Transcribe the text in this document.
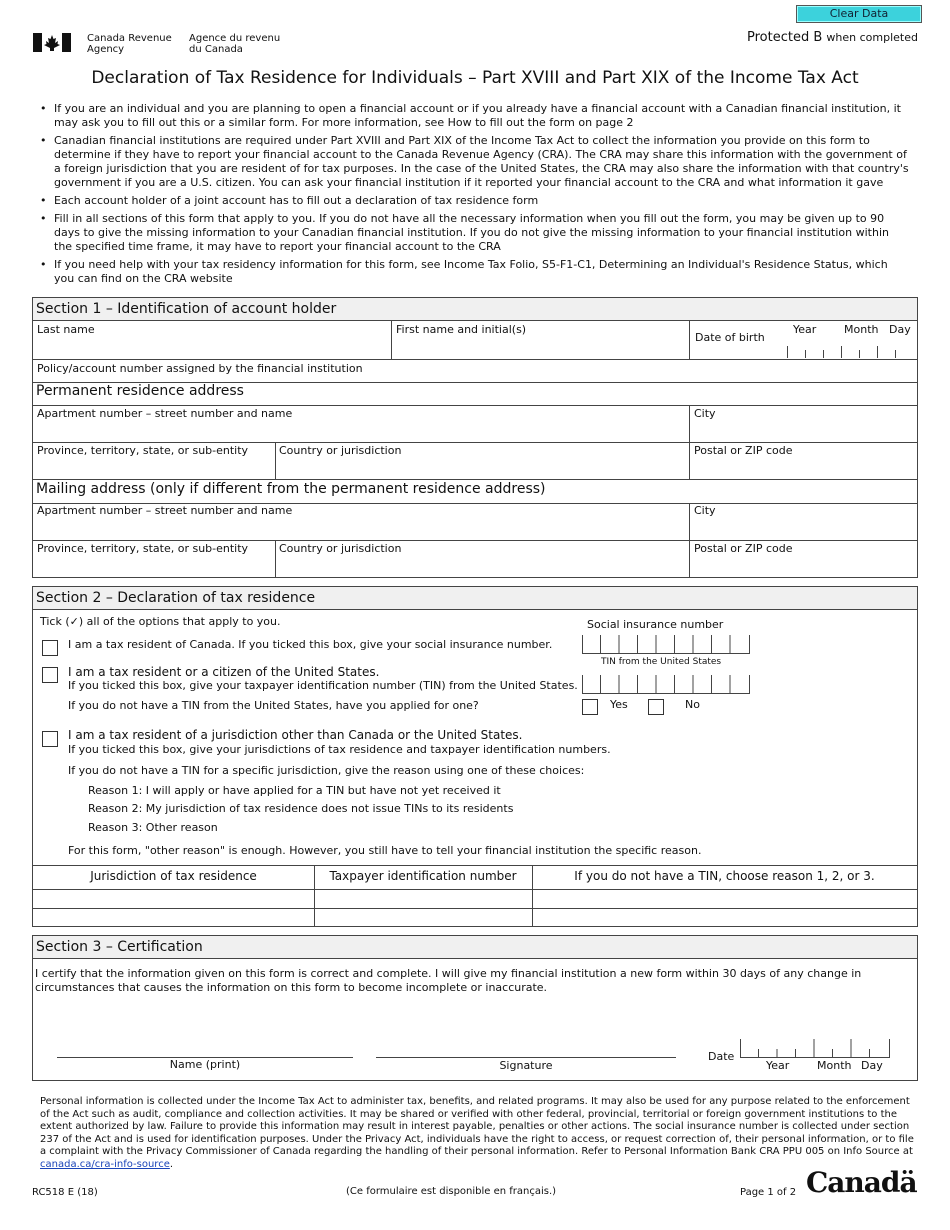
Clear Data
Canada Revenue
Agency
Agence du revenu
du Canada
Protected B when completed
Declaration of Tax Residence for Individuals – Part XVIII and Part XIX of the Income Tax Act
• If you are an individual and you are planning to open a financial account or if you already have a financial account with a Canadian financial institution, it may ask you to fill out this or a similar form. For more information, see How to fill out the form on page 2
• Canadian financial institutions are required under Part XVIII and Part XIX of the Income Tax Act to collect the information you provide on this form to determine if they have to report your financial account to the Canada Revenue Agency (CRA). The CRA may share this information with the government of a foreign jurisdiction that you are resident of for tax purposes. In the case of the United States, the CRA may also share the information with that country's government if you are a U.S. citizen. You can ask your financial institution if it reported your financial account to the CRA and what information it gave
• Each account holder of a joint account has to fill out a declaration of tax residence form
• Fill in all sections of this form that apply to you. If you do not have all the necessary information when you fill out the form, you may be given up to 90 days to give the missing information to your Canadian financial institution. If you do not give the missing information to your financial institution within the specified time frame, it may have to report your financial account to the CRA
• If you need help with your tax residency information for this form, see Income Tax Folio, S5-F1-C1, Determining an Individual's Residence Status, which you can find on the CRA website
Section 1 – Identification of account holder
Last name	First name and initial(s)
Date of birth
Year	Month Day
Policy/account number assigned by the financial institution
Permanent residence address
Apartment number – street number and name	City
Province, territory, state, or sub-entity	Country or jurisdiction	Postal or ZIP code
Mailing address (only if different from the permanent residence address)
Apartment number – street number and name	City
Province, territory, state, or sub-entity	Country or jurisdiction	Postal or ZIP code
Section 2 – Declaration of tax residence
Tick (✓) all of the options that apply to you.	Social insurance number
I am a tax resident of Canada. If you ticked this box, give your social insurance number.
I am a tax resident or a citizen of the United States.
If you ticked this box, give your taxpayer identification number (TIN) from the United States.
TIN from the United States
If you do not have a TIN from the United States, have you applied for one?	Yes	No
I am a tax resident of a jurisdiction other than Canada or the United States.
If you ticked this box, give your jurisdictions of tax residence and taxpayer identification numbers.
If you do not have a TIN for a specific jurisdiction, give the reason using one of these choices:
Reason 1: I will apply or have applied for a TIN but have not yet received it
Reason 2: My jurisdiction of tax residence does not issue TINs to its residents
Reason 3: Other reason
For this form, "other reason" is enough. However, you still have to tell your financial institution the specific reason.
Jurisdiction of tax residence	Taxpayer identification number	If you do not have a TIN, choose reason 1, 2, or 3.
Section 3 – Certification
I certify that the information given on this form is correct and complete. I will give my financial institution a new form within 30 days of any change in circumstances that causes the information on this form to become incomplete or inaccurate.
Name (print)	Signature
Date
Year	Month Day
Personal information is collected under the Income Tax Act to administer tax, benefits, and related programs. It may also be used for any purpose related to the enforcement of the Act such as audit, compliance and collection activities. It may be shared or verified with other federal, provincial, territorial or foreign government institutions to the extent authorized by law. Failure to provide this information may result in interest payable, penalties or other actions. The social insurance number is collected under section 237 of the Act and is used for identification purposes. Under the Privacy Act, individuals have the right to access, or request correction of, their personal information, or to file a complaint with the Privacy Commissioner of Canada regarding the handling of their personal information. Refer to Personal Information Bank CRA PPU 005 on Info Source at canada.ca/cra-info-source.
RC518 E (18)	(Ce formulaire est disponible en français.)	Page 1 of 2 Canadä
